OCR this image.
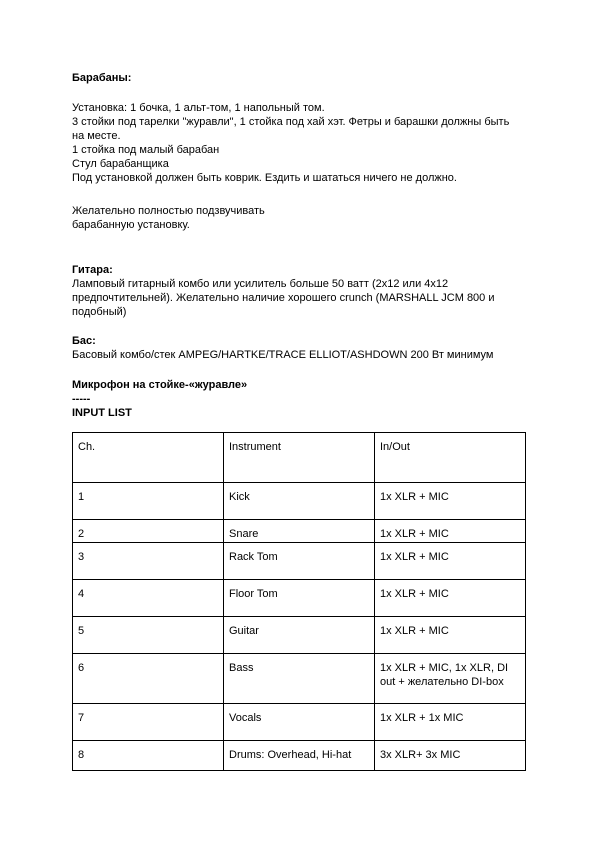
Барабаны:
Установка: 1 бочка, 1 альт-том, 1 напольный том.
3 стойки под тарелки "журавли", 1 стойка под хай хэт. Фетры и барашки должны быть
на месте.
1 стойка под малый барабан
Стул барабанщика
Под установкой должен быть коврик. Ездить и шататься ничего не должно.
Желательно полностью подзвучивать
барабанную установку.
Гитара:
Ламповый гитарный комбо или усилитель больше 50 ватт (2x12 или 4x12
предпочтительней). Желательно наличие хорошего crunch (MARSHALL JCM 800 и
подобный)
Бас:
Басовый комбо/стек AMPEG/HARTKE/TRACE ELLIOT/ASHDOWN 200 Вт минимум
Микрофон на стойке-«журавле»
-----
INPUT LIST
Ch.	Instrument	In/Out
1	Kick	1x XLR + MIC
2	Snare	1x XLR + MIC
3	Rack Tom	1x XLR + MIC
4	Floor Tom	1x XLR + MIC
5	Guitar	1x XLR + MIC
6	Bass	1x XLR + MIC, 1x XLR, DI out + желательно DI-box
7	Vocals	1x XLR + 1x MIC
8	Drums: Overhead, Hi-hat	3x XLR+ 3x MIC
